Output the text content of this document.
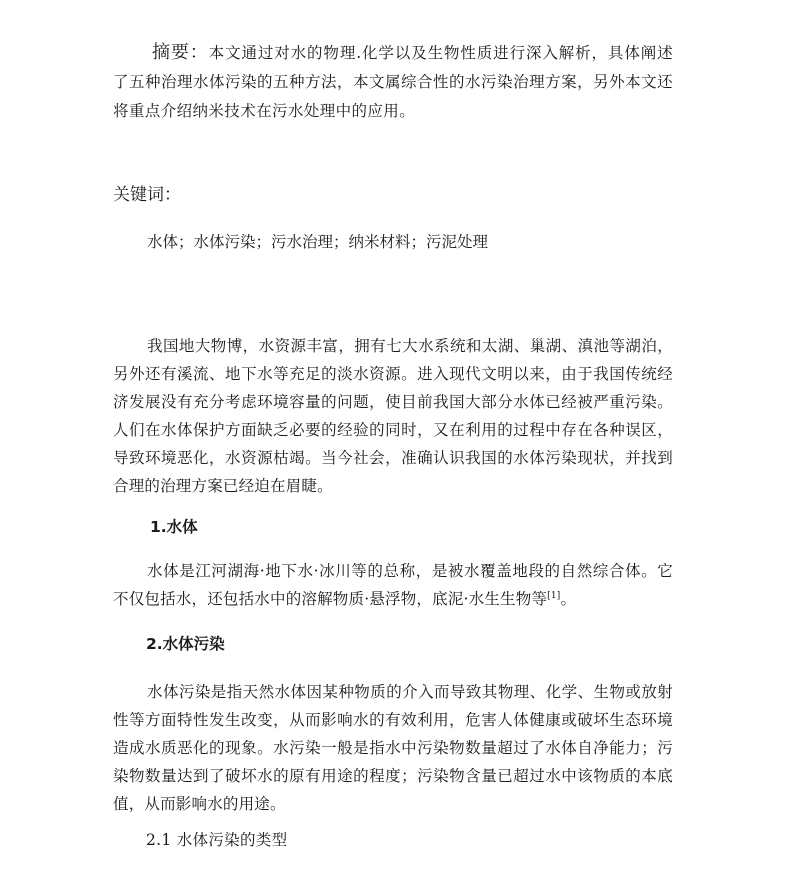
摘要：本文通过对水的物理.化学以及生物性质进行深入解析，具体阐述了五种治理水体污染的五种方法，本文属综合性的水污染治理方案，另外本文还将重点介绍纳米技术在污水处理中的应用。

关键词：
水体；水体污染；污水治理；纳米材料；污泥处理

我国地大物博，水资源丰富，拥有七大水系统和太湖、巢湖、滇池等湖泊，另外还有溪流、地下水等充足的淡水资源。进入现代文明以来，由于我国传统经济发展没有充分考虑环境容量的问题，使目前我国大部分水体已经被严重污染。人们在水体保护方面缺乏必要的经验的同时，又在利用的过程中存在各种误区，导致环境恶化，水资源枯竭。当今社会，准确认识我国的水体污染现状，并找到合理的治理方案已经迫在眉睫。

1.水体

水体是江河湖海·地下水·冰川等的总称，是被水覆盖地段的自然综合体。它不仅包括水，还包括水中的溶解物质·悬浮物，底泥·水生生物等[1]。

2.水体污染

水体污染是指天然水体因某种物质的介入而导致其物理、化学、生物或放射性等方面特性发生改变，从而影响水的有效利用，危害人体健康或破坏生态环境造成水质恶化的现象。水污染一般是指水中污染物数量超过了水体自净能力；污染物数量达到了破坏水的原有用途的程度；污染物含量已超过水中该物质的本底值，从而影响水的用途。

2.1 水体污染的类型
